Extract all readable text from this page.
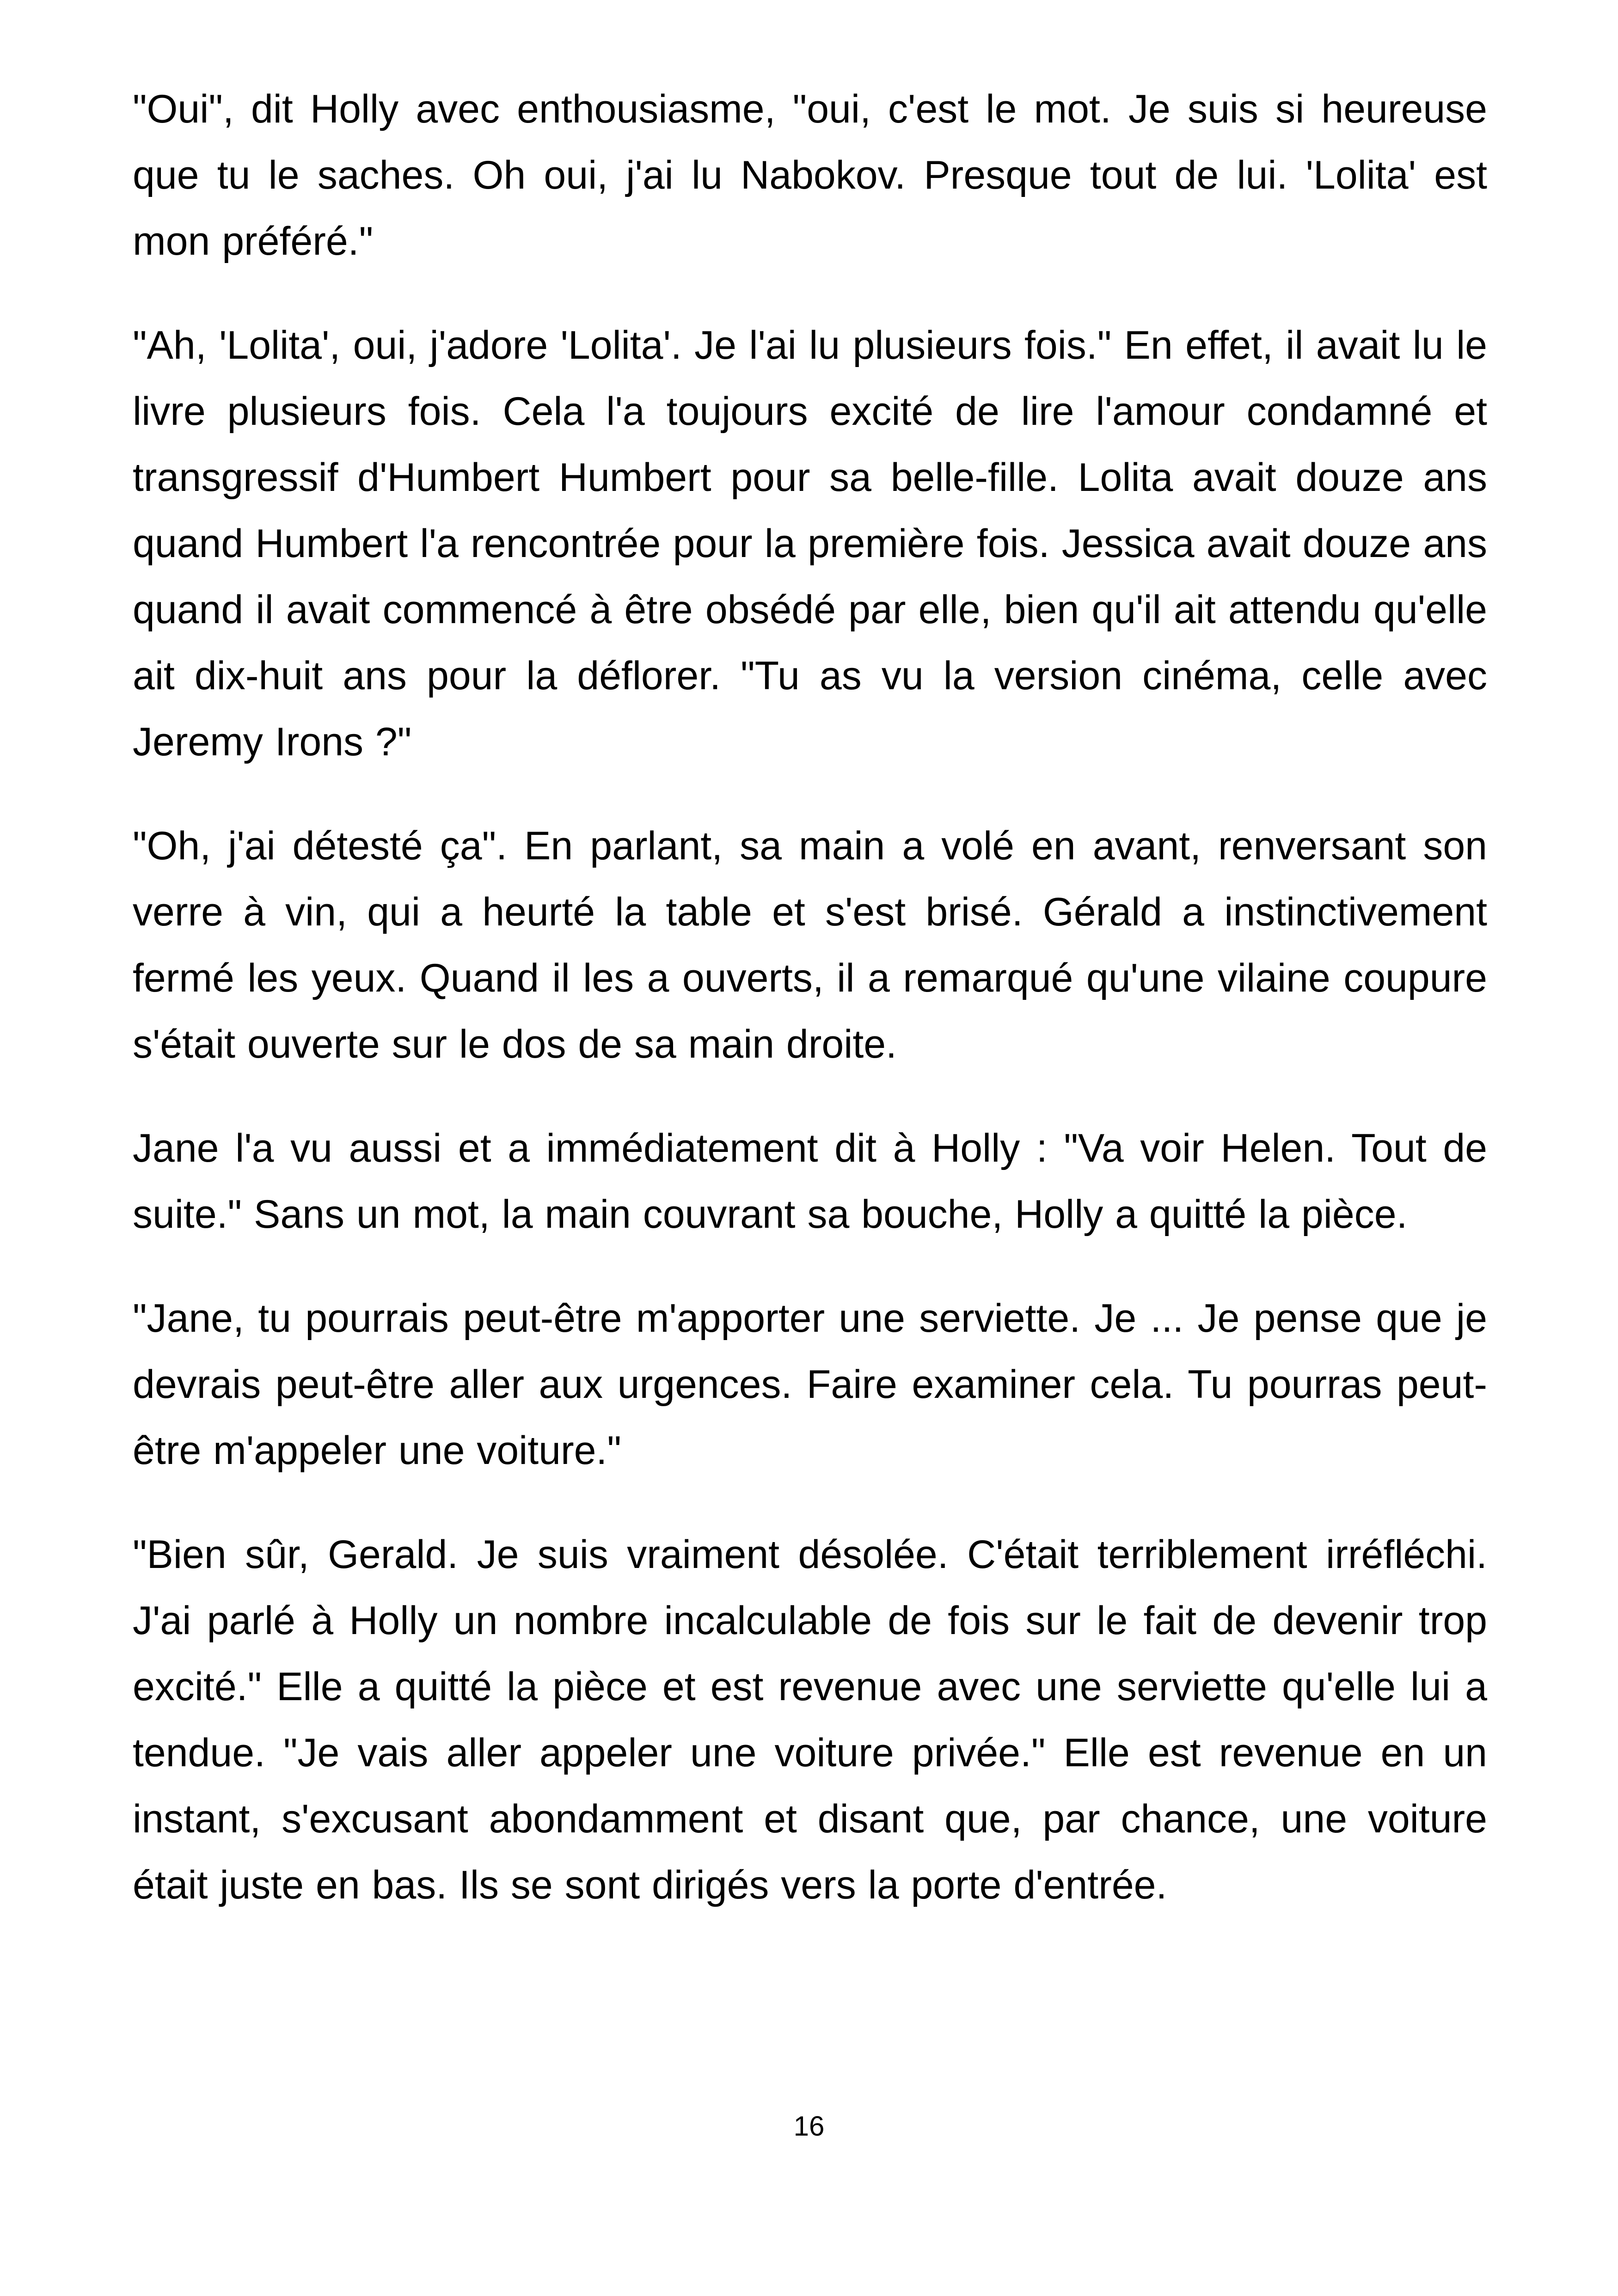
"Oui", dit Holly avec enthousiasme, "oui, c'est le mot. Je suis si heureuse que tu le saches. Oh oui, j'ai lu Nabokov. Presque tout de lui. 'Lolita' est mon préféré."

"Ah, 'Lolita', oui, j'adore 'Lolita'. Je l'ai lu plusieurs fois." En effet, il avait lu le livre plusieurs fois. Cela l'a toujours excité de lire l'amour condamné et transgressif d'Humbert Humbert pour sa belle-fille. Lolita avait douze ans quand Humbert l'a rencontrée pour la première fois. Jessica avait douze ans quand il avait commencé à être obsédé par elle, bien qu'il ait attendu qu'elle ait dix-huit ans pour la déflorer. "Tu as vu la version cinéma, celle avec Jeremy Irons ?"

"Oh, j'ai détesté ça". En parlant, sa main a volé en avant, renversant son verre à vin, qui a heurté la table et s'est brisé. Gérald a instinctivement fermé les yeux. Quand il les a ouverts, il a remarqué qu'une vilaine coupure s'était ouverte sur le dos de sa main droite.

Jane l'a vu aussi et a immédiatement dit à Holly : "Va voir Helen. Tout de suite." Sans un mot, la main couvrant sa bouche, Holly a quitté la pièce.

"Jane, tu pourrais peut-être m'apporter une serviette. Je ... Je pense que je devrais peut-être aller aux urgences. Faire examiner cela. Tu pourras peut-être m'appeler une voiture."

"Bien sûr, Gerald. Je suis vraiment désolée. C'était terriblement irréfléchi. J'ai parlé à Holly un nombre incalculable de fois sur le fait de devenir trop excité." Elle a quitté la pièce et est revenue avec une serviette qu'elle lui a tendue. "Je vais aller appeler une voiture privée." Elle est revenue en un instant, s'excusant abondamment et disant que, par chance, une voiture était juste en bas. Ils se sont dirigés vers la porte d'entrée.

16
